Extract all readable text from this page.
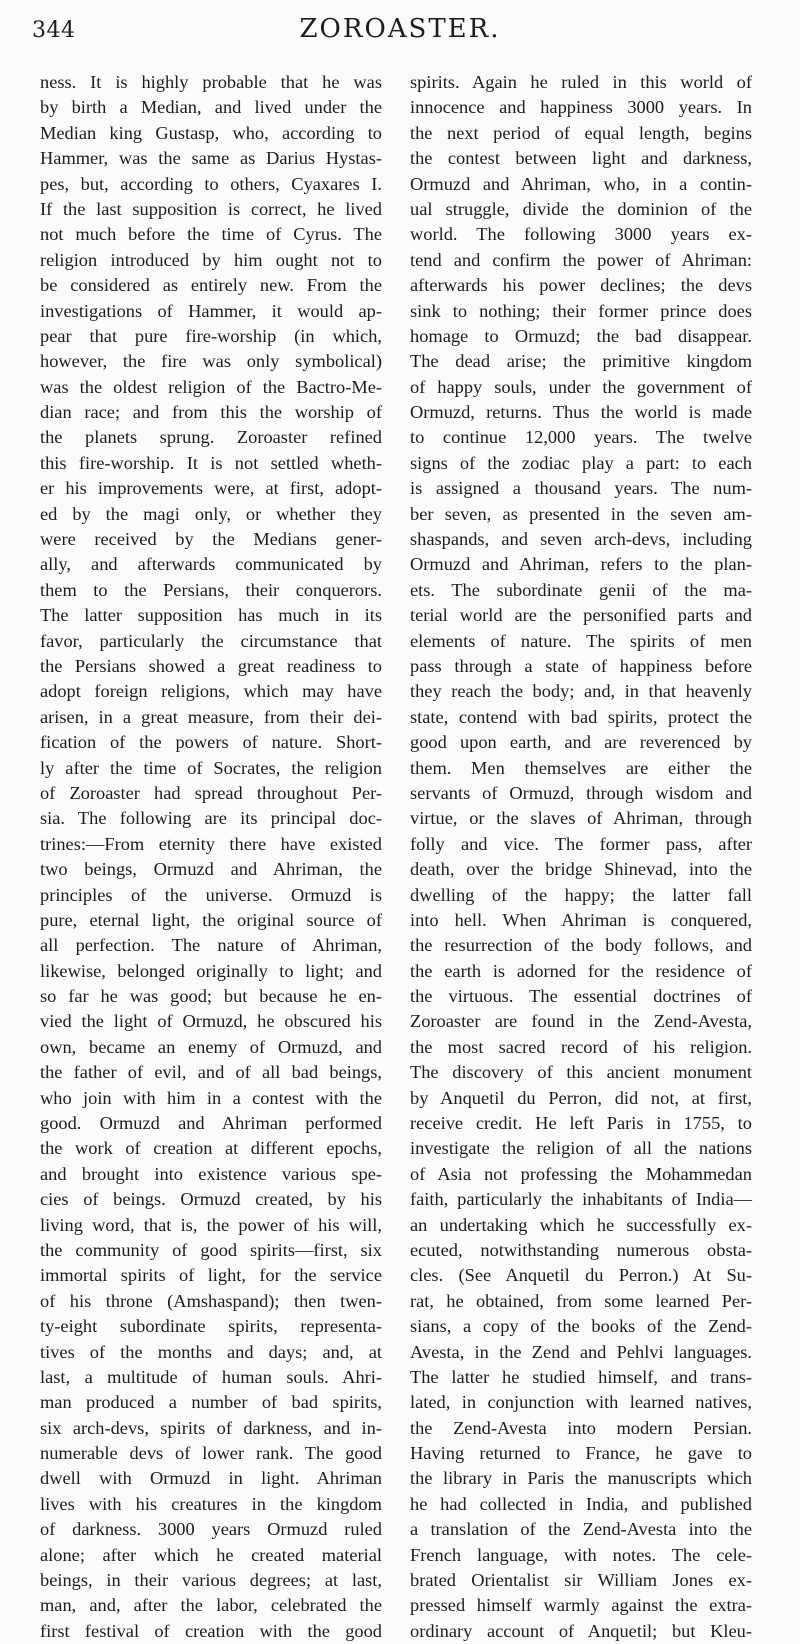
344	ZOROASTER.
ness. It is highly probable that he was
by birth a Median, and lived under the
Median king Gustasp, who, according to
Hammer, was the same as Darius Hystas-
pes, but, according to others, Cyaxares I.
If the last supposition is correct, he lived
not much before the time of Cyrus. The
religion introduced by him ought not to
be considered as entirely new. From the
investigations of Hammer, it would ap-
pear that pure fire-worship (in which,
however, the fire was only symbolical)
was the oldest religion of the Bactro-Me-
dian race; and from this the worship of
the planets sprung. Zoroaster refined
this fire-worship. It is not settled wheth-
er his improvements were, at first, adopt-
ed by the magi only, or whether they
were received by the Medians gener-
ally, and afterwards communicated by
them to the Persians, their conquerors.
The latter supposition has much in its
favor, particularly the circumstance that
the Persians showed a great readiness to
adopt foreign religions, which may have
arisen, in a great measure, from their dei-
fication of the powers of nature. Short-
ly after the time of Socrates, the religion
of Zoroaster had spread throughout Per-
sia. The following are its principal doc-
trines:—From eternity there have existed
two beings, Ormuzd and Ahriman, the
principles of the universe. Ormuzd is
pure, eternal light, the original source of
all perfection. The nature of Ahriman,
likewise, belonged originally to light; and
so far he was good; but because he en-
vied the light of Ormuzd, he obscured his
own, became an enemy of Ormuzd, and
the father of evil, and of all bad beings,
who join with him in a contest with the
good. Ormuzd and Ahriman performed
the work of creation at different epochs,
and brought into existence various spe-
cies of beings. Ormuzd created, by his
living word, that is, the power of his will,
the community of good spirits—first, six
immortal spirits of light, for the service
of his throne (Amshaspand); then twen-
ty-eight subordinate spirits, representa-
tives of the months and days; and, at
last, a multitude of human souls. Ahri-
man produced a number of bad spirits,
six arch-devs, spirits of darkness, and in-
numerable devs of lower rank. The good
dwell with Ormuzd in light. Ahriman
lives with his creatures in the kingdom
of darkness. 3000 years Ormuzd ruled
alone; after which he created material
beings, in their various degrees; at last,
man, and, after the labor, celebrated the
first festival of creation with the good
spirits. Again he ruled in this world of
innocence and happiness 3000 years. In
the next period of equal length, begins
the contest between light and darkness,
Ormuzd and Ahriman, who, in a contin-
ual struggle, divide the dominion of the
world. The following 3000 years ex-
tend and confirm the power of Ahriman:
afterwards his power declines; the devs
sink to nothing; their former prince does
homage to Ormuzd; the bad disappear.
The dead arise; the primitive kingdom
of happy souls, under the government of
Ormuzd, returns. Thus the world is made
to continue 12,000 years. The twelve
signs of the zodiac play a part: to each
is assigned a thousand years. The num-
ber seven, as presented in the seven am-
shaspands, and seven arch-devs, including
Ormuzd and Ahriman, refers to the plan-
ets. The subordinate genii of the ma-
terial world are the personified parts and
elements of nature. The spirits of men
pass through a state of happiness before
they reach the body; and, in that heavenly
state, contend with bad spirits, protect the
good upon earth, and are reverenced by
them. Men themselves are either the
servants of Ormuzd, through wisdom and
virtue, or the slaves of Ahriman, through
folly and vice. The former pass, after
death, over the bridge Shinevad, into the
dwelling of the happy; the latter fall
into hell. When Ahriman is conquered,
the resurrection of the body follows, and
the earth is adorned for the residence of
the virtuous. The essential doctrines of
Zoroaster are found in the Zend-Avesta,
the most sacred record of his religion.
The discovery of this ancient monument
by Anquetil du Perron, did not, at first,
receive credit. He left Paris in 1755, to
investigate the religion of all the nations
of Asia not professing the Mohammedan
faith, particularly the inhabitants of India—
an undertaking which he successfully ex-
ecuted, notwithstanding numerous obsta-
cles. (See Anquetil du Perron.) At Su-
rat, he obtained, from some learned Per-
sians, a copy of the books of the Zend-
Avesta, in the Zend and Pehlvi languages.
The latter he studied himself, and trans-
lated, in conjunction with learned natives,
the Zend-Avesta into modern Persian.
Having returned to France, he gave to
the library in Paris the manuscripts which
he had collected in India, and published
a translation of the Zend-Avesta into the
French language, with notes. The cele-
brated Orientalist sir William Jones ex-
pressed himself warmly against the extra-
ordinary account of Anquetil; but Kleu-
